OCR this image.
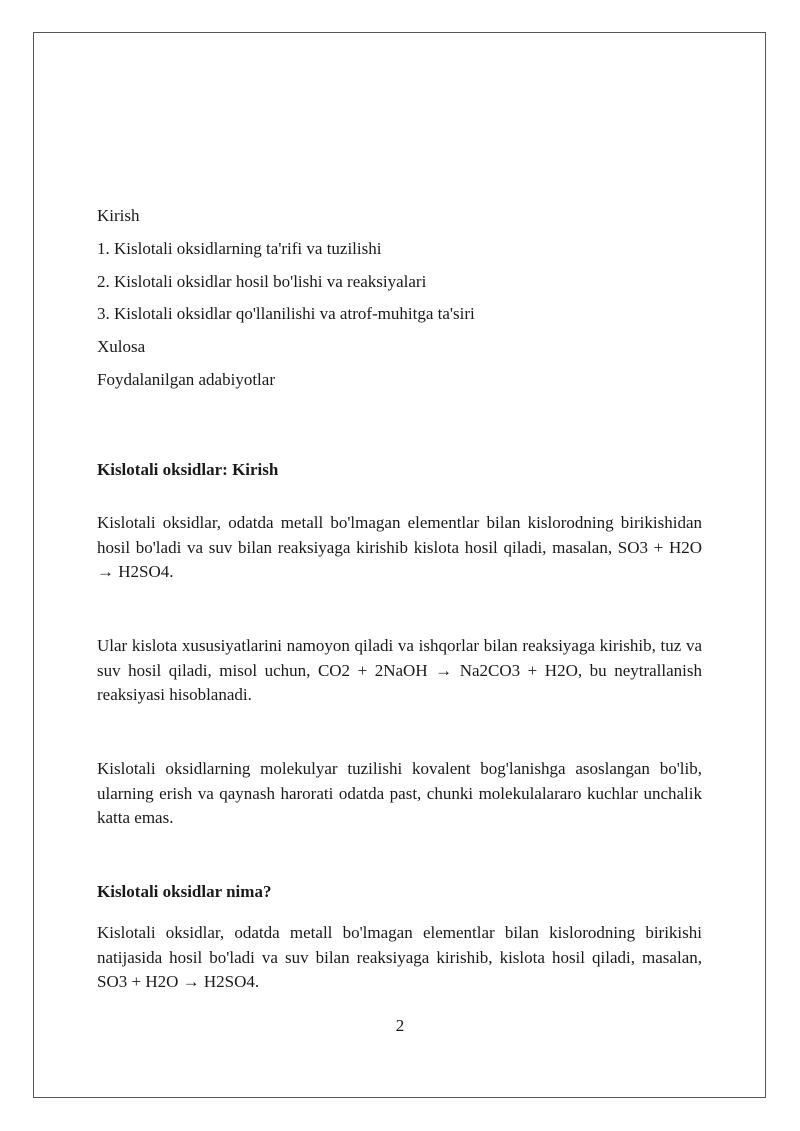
Kirish
1. Kislotali oksidlarning ta'rifi va tuzilishi
2. Kislotali oksidlar hosil bo'lishi va reaksiyalari
3. Kislotali oksidlar qo'llanilishi va atrof-muhitga ta'siri
Xulosa
Foydalanilgan adabiyotlar
Kislotali oksidlar: Kirish

Kislotali oksidlar, odatda metall bo'lmagan elementlar bilan kislorodning birikishidan hosil bo'ladi va suv bilan reaksiyaga kirishib kislota hosil qiladi, masalan, SO3 + H2O → H2SO4.

Ular kislota xususiyatlarini namoyon qiladi va ishqorlar bilan reaksiyaga kirishib, tuz va suv hosil qiladi, misol uchun, CO2 + 2NaOH → Na2CO3 + H2O, bu neytrallanish reaksiyasi hisoblanadi.

Kislotali oksidlarning molekulyar tuzilishi kovalent bog'lanishga asoslangan bo'lib, ularning erish va qaynash harorati odatda past, chunki molekulalararo kuchlar unchalik katta emas.

Kislotali oksidlar nima?

Kislotali oksidlar, odatda metall bo'lmagan elementlar bilan kislorodning birikishi natijasida hosil bo'ladi va suv bilan reaksiyaga kirishib, kislota hosil qiladi, masalan, SO3 + H2O → H2SO4.

2
